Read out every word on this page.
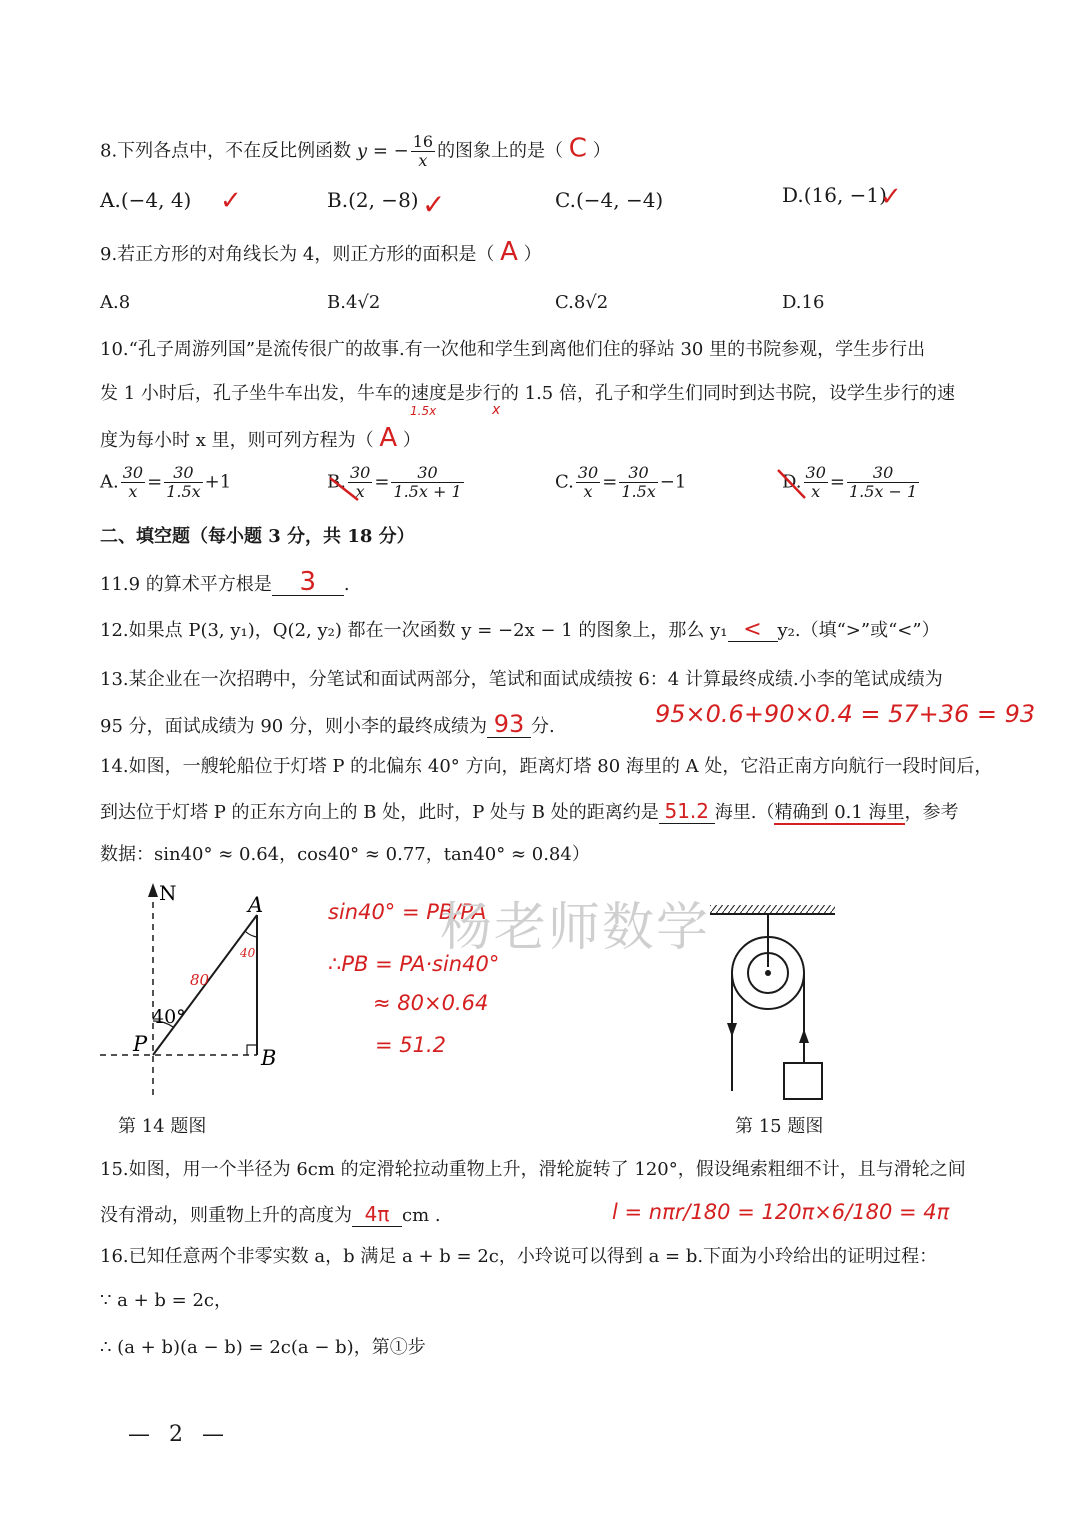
8.下列各点中，不在反比例函数 y = − $\frac{16}{x}$ 的图象上的是（ C ）
A.(−4, 4) ✓	B.(2, −8) ✓	C.(−4, −4)	D.(16, −1)
✓
9.若正方形的对角线长为 4，则正方形的面积是（ A ）
A.8	B.4√2	C.8√2	D.16
10.“孔子周游列国”是流传很广的故事.有一次他和学生到离他们住的驿站 30 里的书院参观，学生步行出
发 1 小时后，孔子坐牛车出发，牛车的速度是步行的 1.5 倍，孔子和学生们同时到达书院，设学生步行的速
1.5x	x
度为每小时 x 里，则可列方程为（ A ）
A. $\frac{30}{x} = \frac{30}{1.5x} +1$	B. $\frac{30}{x} = \frac{30}{1.5x + 1}$	C. $\frac{30}{x} = \frac{30}{1.5x} -1$	D. $\frac{30}{x} = \frac{30}{1.5x - 1}$
二、填空题（每小题 3 分，共 18 分）
11.9 的算术平方根是 3 .
12.如果点 P(3, y₁)，Q(2, y₂) 都在一次函数 y = −2x − 1 的图象上，那么 y₁ < y₂.（填“>”或“<”）
13.某企业在一次招聘中，分笔试和面试两部分，笔试和面试成绩按 6：4 计算最终成绩.小李的笔试成绩为
95 分，面试成绩为 90 分，则小李的最终成绩为 93 分.	95×0.6+90×0.4 = 57+36 = 93
14.如图，一艘轮船位于灯塔 P 的北偏东 40° 方向，距离灯塔 80 海里的 A 处，它沿正南方向航行一段时间后，
到达位于灯塔 P 的正东方向上的 B 处，此时，P 处与 B 处的距离约是 51.2 海里.（精确到 0.1 海里，参考
数据：sin40° ≈ 0.64，cos40° ≈ 0.77，tan40° ≈ 0.84）
N	A
P
B
40°
80
40
第 14 题图
sin40° = PB/PA
∴PB = PA·sin40°
≈ 80×0.64
= 51.2
杨老师数学
第 15 题图
15.如图，用一个半径为 6cm 的定滑轮拉动重物上升，滑轮旋转了 120°，假设绳索粗细不计，且与滑轮之间
没有滑动，则重物上升的高度为 4π cm .	l = nπr/180 = 120π×6/180 = 4π
16.已知任意两个非零实数 a，b 满足 a + b = 2c，小玲说可以得到 a = b.下面为小玲给出的证明过程：
∵ a + b = 2c，
∴ (a + b)(a − b) = 2c(a − b)，第①步
— 2 —
